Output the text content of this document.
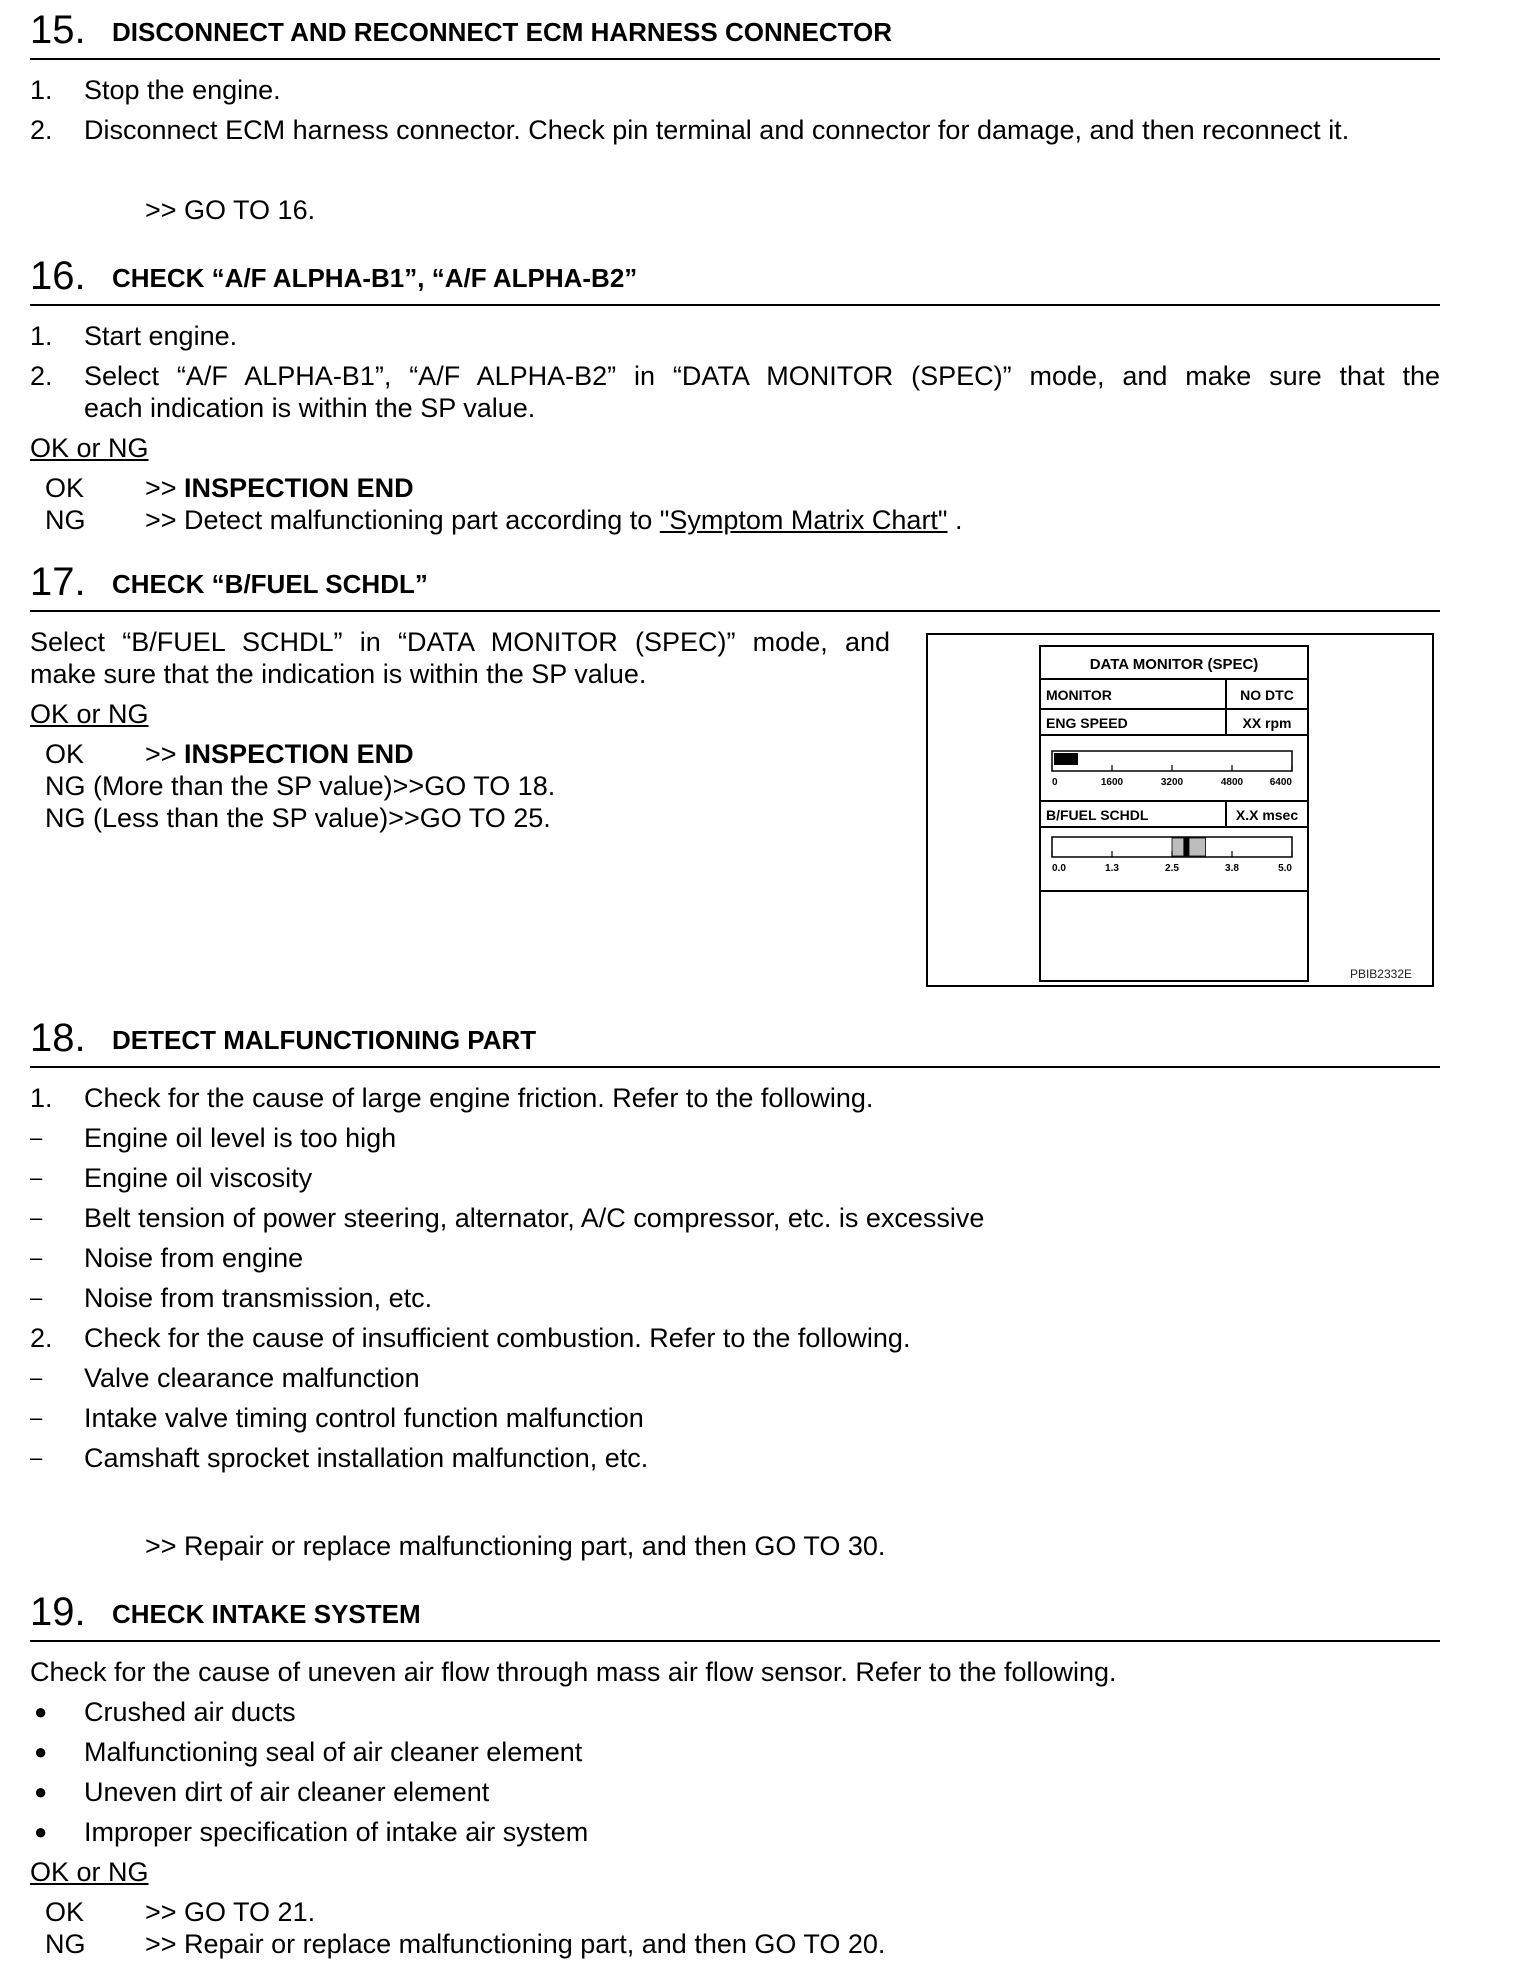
15. DISCONNECT AND RECONNECT ECM HARNESS CONNECTOR
1. Stop the engine.
2. Disconnect ECM harness connector. Check pin terminal and connector for damage, and then reconnect it.
>> GO TO 16.
16. CHECK “A/F ALPHA-B1”, “A/F ALPHA-B2”
1. Start engine.
2. Select “A/F ALPHA-B1”, “A/F ALPHA-B2” in “DATA MONITOR (SPEC)” mode, and make sure that the
each indication is within the SP value.
OK or NG
OK >> INSPECTION END
NG >> Detect malfunctioning part according to "Symptom Matrix Chart" .
17. CHECK “B/FUEL SCHDL”
Select “B/FUEL SCHDL” in “DATA MONITOR (SPEC)” mode, and
make sure that the indication is within the SP value.
OK or NG
OK >> INSPECTION END
NG (More than the SP value)>>GO TO 18.
NG (Less than the SP value)>>GO TO 25.
DATA MONITOR (SPEC)
MONITOR	NO DTC
ENG SPEED	XX rpm
0	1600	3200	4800	6400
B/FUEL SCHDL	X.X msec
0.0	1.3	2.5	3.8	5.0
PBIB2332E
18. DETECT MALFUNCTIONING PART
1. Check for the cause of large engine friction. Refer to the following.
– Engine oil level is too high
– Engine oil viscosity
– Belt tension of power steering, alternator, A/C compressor, etc. is excessive
– Noise from engine
– Noise from transmission, etc.
2. Check for the cause of insufficient combustion. Refer to the following.
– Valve clearance malfunction
– Intake valve timing control function malfunction
– Camshaft sprocket installation malfunction, etc.
>> Repair or replace malfunctioning part, and then GO TO 30.
19. CHECK INTAKE SYSTEM
Check for the cause of uneven air flow through mass air flow sensor. Refer to the following.
● Crushed air ducts
● Malfunctioning seal of air cleaner element
● Uneven dirt of air cleaner element
● Improper specification of intake air system
OK or NG
OK >> GO TO 21.
NG >> Repair or replace malfunctioning part, and then GO TO 20.
